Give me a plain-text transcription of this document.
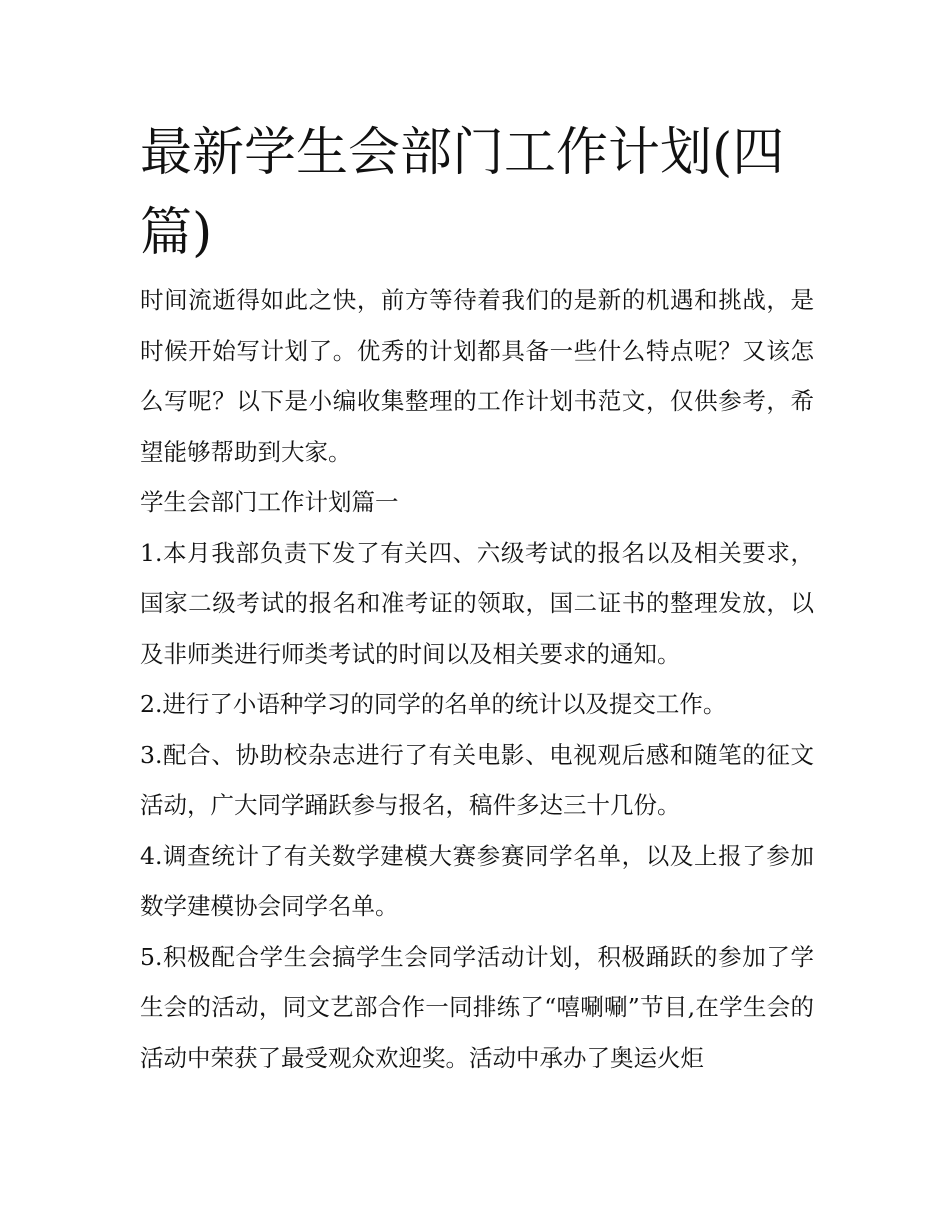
最新学生会部门工作计划(四篇)

时间流逝得如此之快，前方等待着我们的是新的机遇和挑战，是时候开始写计划了。优秀的计划都具备一些什么特点呢？又该怎么写呢？以下是小编收集整理的工作计划书范文，仅供参考，希望能够帮助到大家。

学生会部门工作计划篇一

1.本月我部负责下发了有关四、六级考试的报名以及相关要求，国家二级考试的报名和准考证的领取，国二证书的整理发放，以及非师类进行师类考试的时间以及相关要求的通知。

2.进行了小语种学习的同学的名单的统计以及提交工作。

3.配合、协助校杂志进行了有关电影、电视观后感和随笔的征文活动，广大同学踊跃参与报名，稿件多达三十几份。

4.调查统计了有关数学建模大赛参赛同学名单，以及上报了参加数学建模协会同学名单。

5.积极配合学生会搞学生会同学活动计划，积极踊跃的参加了学生会的活动，同文艺部合作一同排练了“嘻唰唰”节目,在学生会的活动中荣获了最受观众欢迎奖。活动中承办了奥运火炬
